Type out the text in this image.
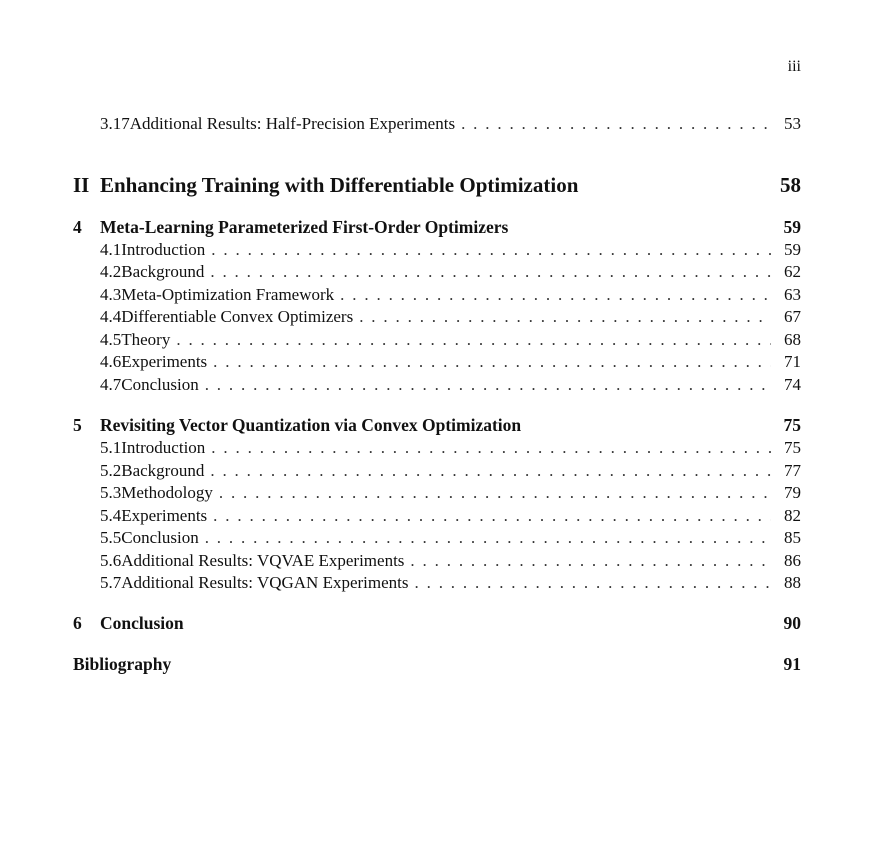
iii
3.17 Additional Results: Half-Precision Experiments . . .	53
II Enhancing Training with Differentiable Optimization	58
4	Meta-Learning Parameterized First-Order Optimizers	59
4.1 Introduction . . .	59
4.2 Background . . .	62
4.3 Meta-Optimization Framework . . .	63
4.4 Differentiable Convex Optimizers . . .	67
4.5 Theory . . .	68
4.6 Experiments . . .	71
4.7 Conclusion . . .	74
5	Revisiting Vector Quantization via Convex Optimization	75
5.1 Introduction . . .	75
5.2 Background . . .	77
5.3 Methodology . . .	79
5.4 Experiments . . .	82
5.5 Conclusion . . .	85
5.6 Additional Results: VQVAE Experiments . . .	86
5.7 Additional Results: VQGAN Experiments . . .	88
6	Conclusion	90
Bibliography	91
